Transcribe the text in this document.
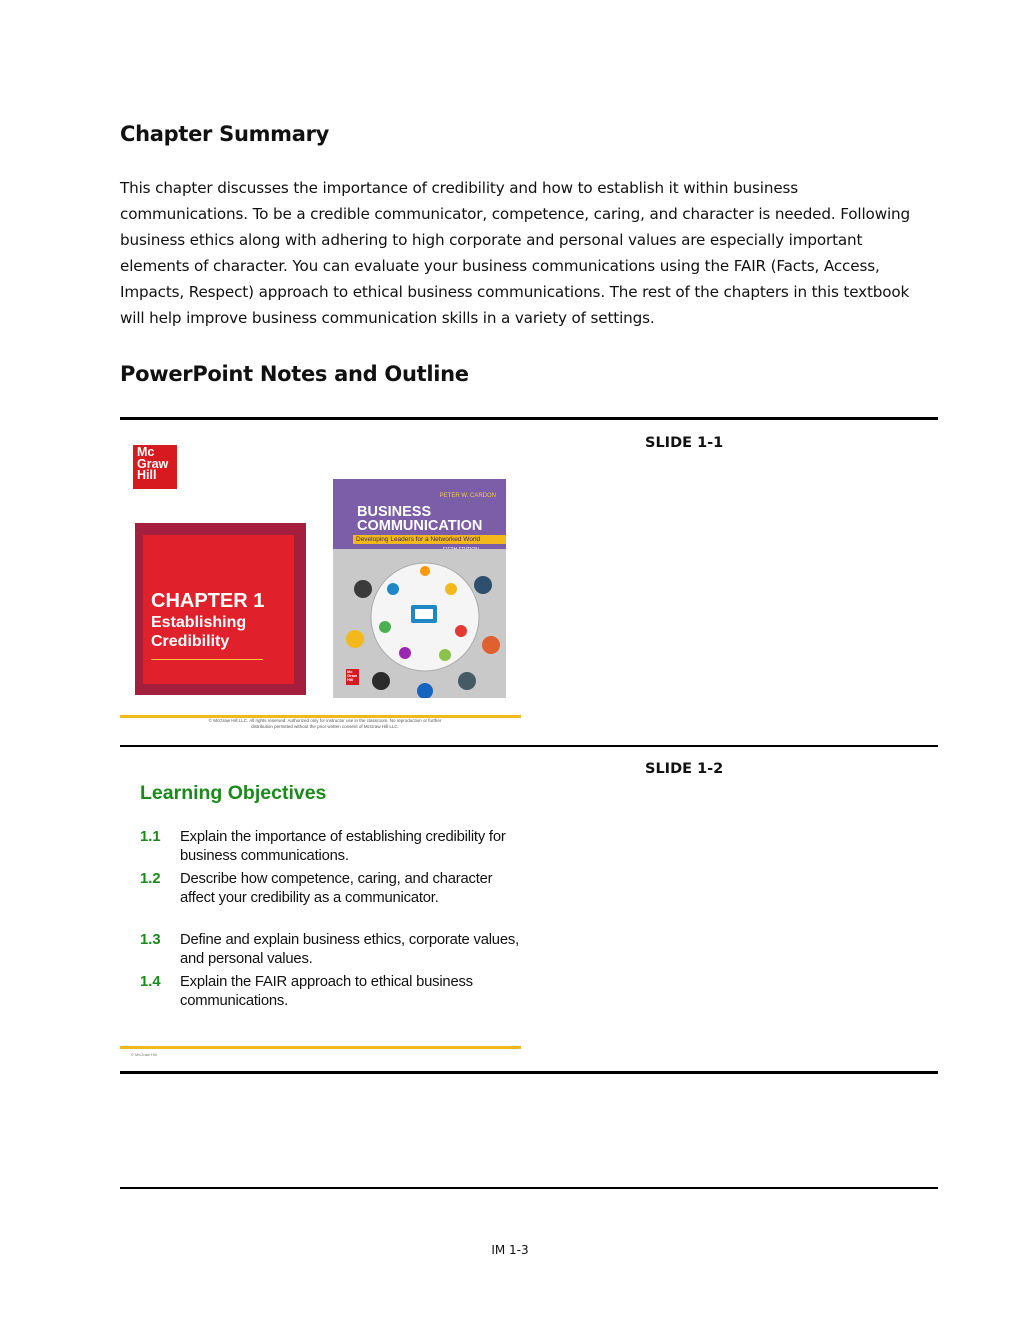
Chapter Summary

This chapter discusses the importance of credibility and how to establish it within business communications. To be a credible communicator, competence, caring, and character is needed. Following business ethics along with adhering to high corporate and personal values are especially important elements of character. You can evaluate your business communications using the FAIR (Facts, Access, Impacts, Respect) approach to ethical business communications. The rest of the chapters in this textbook will help improve business communication skills in a variety of settings.

PowerPoint Notes and Outline
Mc Graw Hill
CHAPTER 1
Establishing Credibility
PETER W. CARDON
BUSINESS COMMUNICATION
Developing Leaders for a Networked World
Mc Graw Hill
© McGraw Hill LLC. All rights reserved. Authorized only for instructor use in the classroom. No reproduction or further distribution permitted without the prior written consent of McGraw Hill LLC.
SLIDE 1-1
Learning Objectives
1.1 Explain the importance of establishing credibility for business communications.
1.2 Describe how competence, caring, and character affect your credibility as a communicator.
1.3 Define and explain business ethics, corporate values, and personal values.
1.4 Explain the FAIR approach to ethical business communications.
© McGraw Hill
SLIDE 1-2
IM 1-3
